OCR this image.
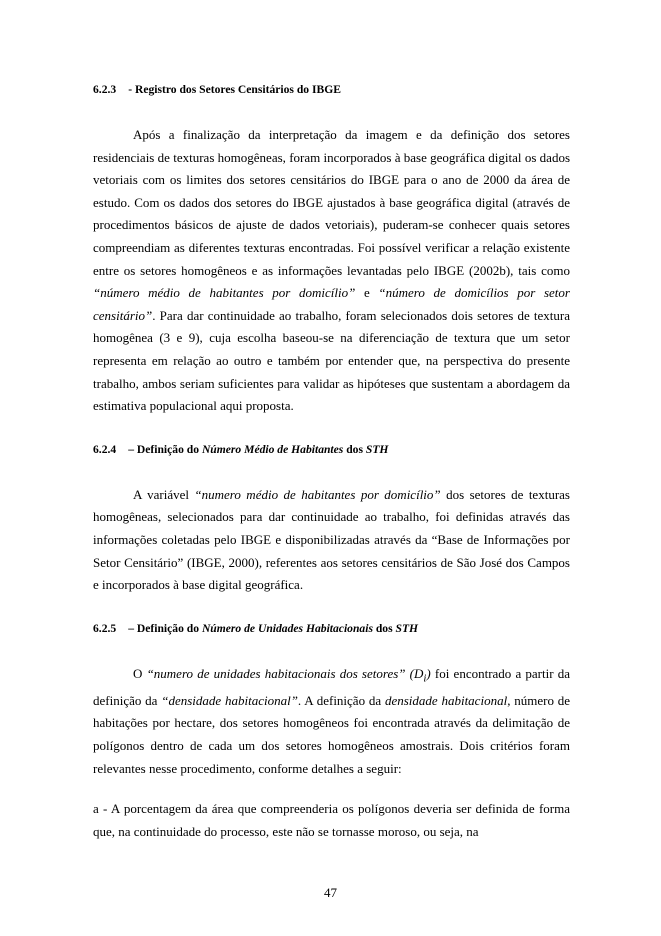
6.2.3 - Registro dos Setores Censitários do IBGE

Após a finalização da interpretação da imagem e da definição dos setores residenciais de texturas homogêneas, foram incorporados à base geográfica digital os dados vetoriais com os limites dos setores censitários do IBGE para o ano de 2000 da área de estudo. Com os dados dos setores do IBGE ajustados à base geográfica digital (através de procedimentos básicos de ajuste de dados vetoriais), puderam-se conhecer quais setores compreendiam as diferentes texturas encontradas. Foi possível verificar a relação existente entre os setores homogêneos e as informações levantadas pelo IBGE (2002b), tais como “número médio de habitantes por domicílio” e “número de domicílios por setor censitário”. Para dar continuidade ao trabalho, foram selecionados dois setores de textura homogênea (3 e 9), cuja escolha baseou-se na diferenciação de textura que um setor representa em relação ao outro e também por entender que, na perspectiva do presente trabalho, ambos seriam suficientes para validar as hipóteses que sustentam a abordagem da estimativa populacional aqui proposta.

6.2.4 – Definição do Número Médio de Habitantes dos STH

A variável “numero médio de habitantes por domicílio” dos setores de texturas homogêneas, selecionados para dar continuidade ao trabalho, foi definidas através das informações coletadas pelo IBGE e disponibilizadas através da “Base de Informações por Setor Censitário” (IBGE, 2000), referentes aos setores censitários de São José dos Campos e incorporados à base digital geográfica.

6.2.5 – Definição do Número de Unidades Habitacionais dos STH

O “numero de unidades habitacionais dos setores” $(D_i)$ foi encontrado a partir da definição da “densidade habitacional”. A definição da densidade habitacional, número de habitações por hectare, dos setores homogêneos foi encontrada através da delimitação de polígonos dentro de cada um dos setores homogêneos amostrais. Dois critérios foram relevantes nesse procedimento, conforme detalhes a seguir:

a - A porcentagem da área que compreenderia os polígonos deveria ser definida de forma que, na continuidade do processo, este não se tornasse moroso, ou seja, na

47
